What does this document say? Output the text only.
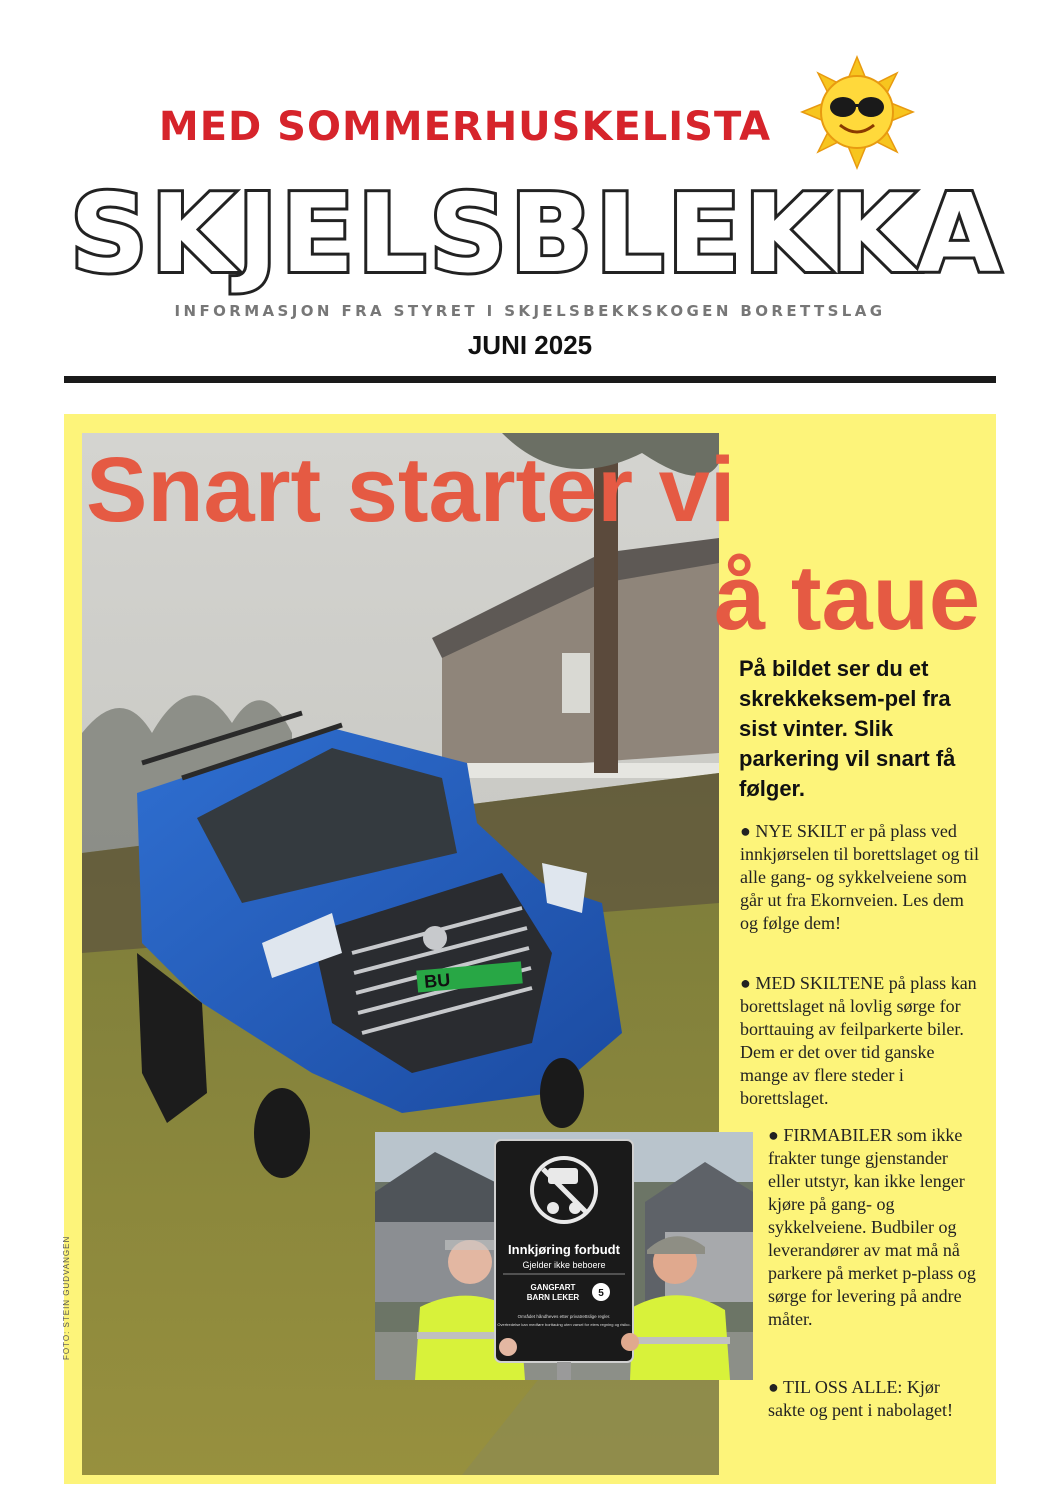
MED SOMMERHUSKELISTA
SKJELSBLEKKA
INFORMASJON FRA STYRET I SKJELSBEKKSKOGEN BORETTSLAG
JUNI 2025
BU
FOTO: STEIN GUDVANGEN
Snart starter vi
å taue
På bildet ser du et skrekkeksem-pel fra sist vinter. Slik parkering vil snart få følger.
● NYE SKILT er på plass ved innkjørselen til borettslaget og til alle gang- og sykkelveiene som går ut fra Ekornveien. Les dem og følge dem!
● MED SKILTENE på plass kan borettslaget nå lovlig sørge for borttauing av feilparkerte biler. Dem er det over tid ganske mange av flere steder i borettslaget.
● FIRMABILER som ikke frakter tunge gjenstander eller utstyr, kan ikke lenger kjøre på gang- og sykkelveiene. Budbiler og leverandører av mat må nå parkere på merket p-plass og sørge for levering på andre måter.
● TIL OSS ALLE: Kjør sakte og pent i nabolaget!
Innkjøring forbudt
Gjelder ikke beboere
GANGFART
BARN LEKER 5
Området håndheves etter privatrettslige regler.
Overtredelse kan medføre borttauing uten varsel for eiers regning og risiko.
